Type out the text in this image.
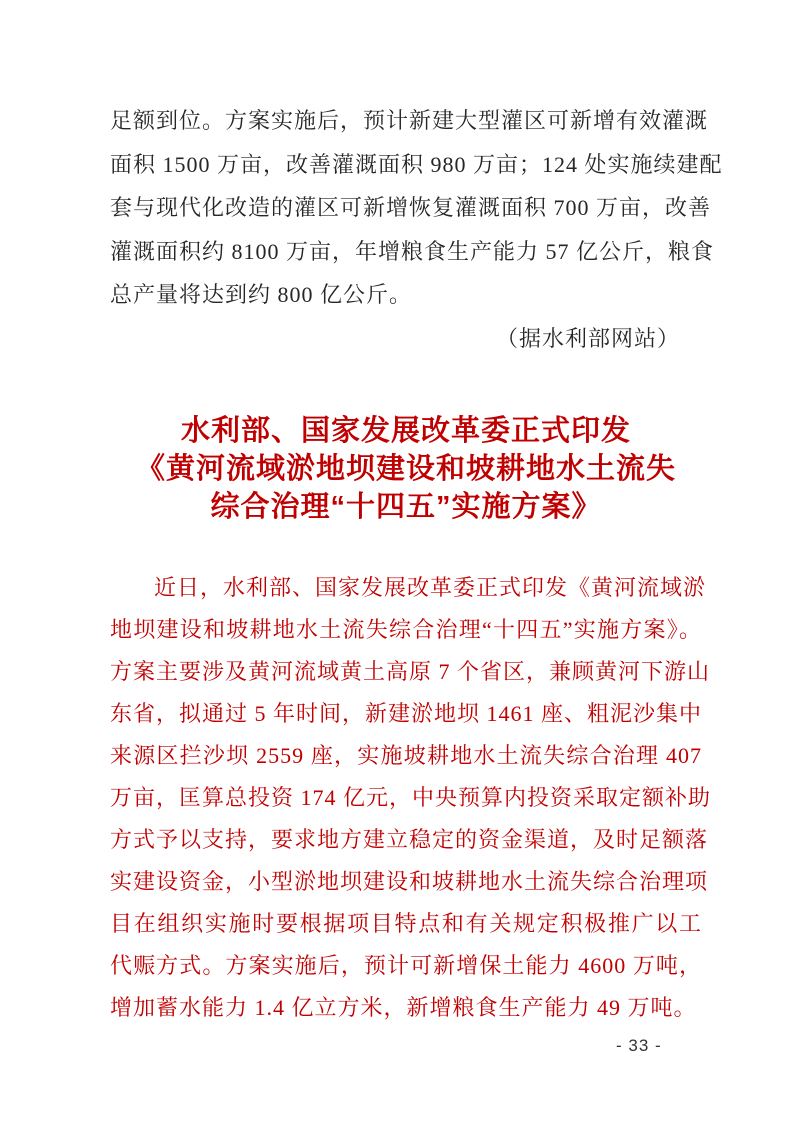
足额到位。方案实施后，预计新建大型灌区可新增有效灌溉
面积 1500 万亩，改善灌溉面积 980 万亩；124 处实施续建配
套与现代化改造的灌区可新增恢复灌溉面积 700 万亩，改善
灌溉面积约 8100 万亩，年增粮食生产能力 57 亿公斤，粮食
总产量将达到约 800 亿公斤。
（据水利部网站）
水利部、国家发展改革委正式印发
《黄河流域淤地坝建设和坡耕地水土流失
综合治理“十四五”实施方案》
近日，水利部、国家发展改革委正式印发《黄河流域淤
地坝建设和坡耕地水土流失综合治理“十四五”实施方案》。
方案主要涉及黄河流域黄土高原 7 个省区，兼顾黄河下游山
东省，拟通过 5 年时间，新建淤地坝 1461 座、粗泥沙集中
来源区拦沙坝 2559 座，实施坡耕地水土流失综合治理 407
万亩，匡算总投资 174 亿元，中央预算内投资采取定额补助
方式予以支持，要求地方建立稳定的资金渠道，及时足额落
实建设资金，小型淤地坝建设和坡耕地水土流失综合治理项
目在组织实施时要根据项目特点和有关规定积极推广以工
代赈方式。方案实施后，预计可新增保土能力 4600 万吨，
增加蓄水能力 1.4 亿立方米，新增粮食生产能力 49 万吨。
- 33 -
